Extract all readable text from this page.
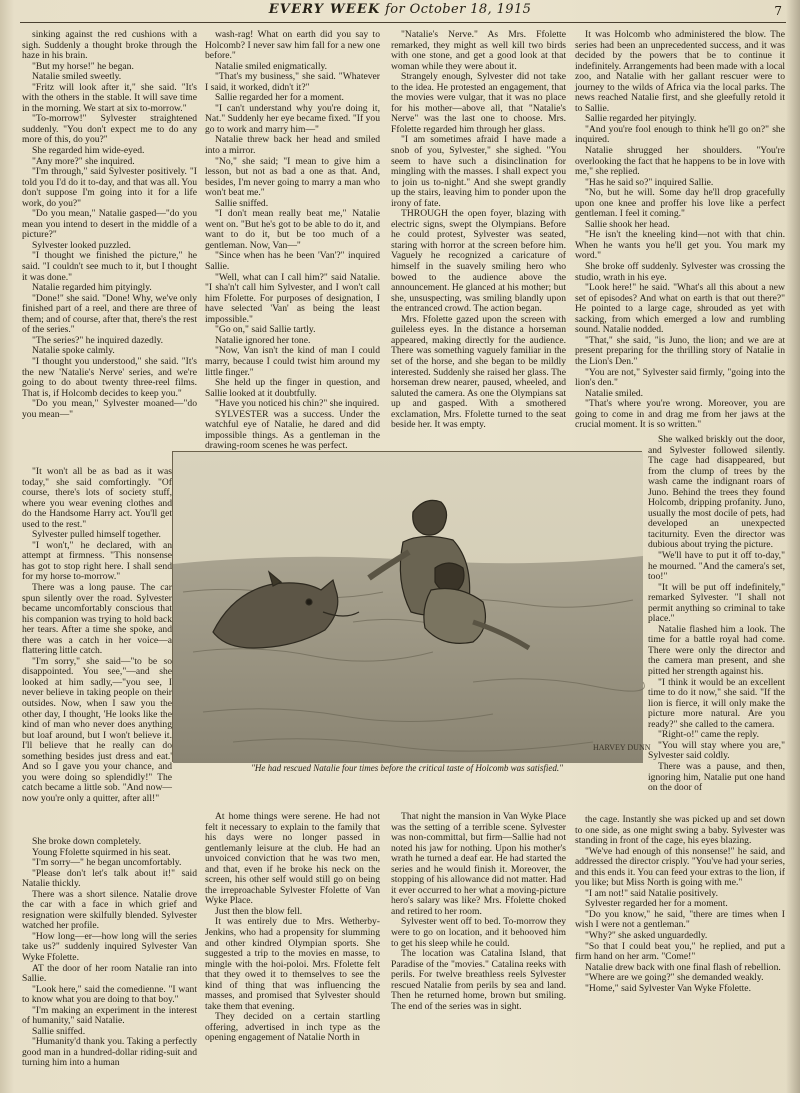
EVERY WEEK for October 18, 1915	7

sinking against the red cushions with a sigh. Suddenly a thought broke through the haze in his brain.

"But my horse!" he began.

Natalie smiled sweetly.

"Fritz will look after it," she said. "It's with the others in the stable. It will save time in the morning. We start at six to-morrow."

"To-morrow!" Sylvester straightened suddenly. "You don't expect me to do any more of this, do you?"

She regarded him wide-eyed.

"Any more?" she inquired.

"I'm through," said Sylvester positively. "I told you I'd do it to-day, and that was all. You don't suppose I'm going into it for a life work, do you?"

"Do you mean," Natalie gasped—"do you mean you intend to desert in the middle of a picture?"

Sylvester looked puzzled.

"I thought we finished the picture," he said. "I couldn't see much to it, but I thought it was done."

Natalie regarded him pityingly.

"Done!" she said. "Done! Why, we've only finished part of a reel, and there are three of them; and of course, after that, there's the rest of the series."

"The series?" he inquired dazedly.

Natalie spoke calmly.

"I thought you understood," she said. "It's the new 'Natalie's Nerve' series, and we're going to do about twenty three-reel films. That is, if Holcomb decides to keep you."

"Do you mean," Sylvester moaned—"do you mean—"

"It won't all be as bad as it was today," she said comfortingly. "Of course, there's lots of society stuff, where you wear evening clothes and do the Handsome Harry act. You'll get used to the rest."

Sylvester pulled himself together.

"I won't," he declared, with an attempt at firmness. "This nonsense has got to stop right here. I shall send for my horse to-morrow."

There was a long pause. The car spun silently over the road. Sylvester became uncomfortably conscious that his companion was trying to hold back her tears. After a time she spoke, and there was a catch in her voice—a flattering little catch.

"I'm sorry," she said—"to be so disappointed. You see,"—and she looked at him sadly,—"you see, I never believe in taking people on their outsides. Now, when I saw you the other day, I thought, 'He looks like the kind of man who never does anything but loaf around, but I won't believe it. I'll believe that he really can do something besides just dress and eat.' And so I gave you your chance, and you were doing so splendidly!" The catch became a little sob. "And now—now you're only a quitter, after all!"

She broke down completely.

Young Ffolette squirmed in his seat.

"I'm sorry—" he began uncomfortably.

"Please don't let's talk about it!" said Natalie thickly.

There was a short silence. Natalie drove the car with a face in which grief and resignation were skilfully blended. Sylvester watched her profile.

"How long—er—how long will the series take us?" suddenly inquired Sylvester Van Wyke Ffolette.

AT the door of her room Natalie ran into Sallie.

"Look here," said the comedienne. "I want to know what you are doing to that boy."

"I'm making an experiment in the interest of humanity," said Natalie.

Sallie sniffed.

"Humanity'd thank you. Taking a perfectly good man in a hundred-dollar riding-suit and turning him into a human

wash-rag! What on earth did you say to Holcomb? I never saw him fall for a new one before."

Natalie smiled enigmatically.

"That's my business," she said. "Whatever I said, it worked, didn't it?"

Sallie regarded her for a moment.

"I can't understand why you're doing it, Nat." Suddenly her eye became fixed. "If you go to work and marry him—"

Natalie threw back her head and smiled into a mirror.

"No," she said; "I mean to give him a lesson, but not as bad a one as that. And, besides, I'm never going to marry a man who won't beat me."

Sallie sniffed.

"I don't mean really beat me," Natalie went on. "But he's got to be able to do it, and want to do it, but be too much of a gentleman. Now, Van—"

"Since when has he been 'Van'?" inquired Sallie.

"Well, what can I call him?" said Natalie. "I sha'n't call him Sylvester, and I won't call him Ffolette. For purposes of designation, I have selected 'Van' as being the least impossible."

"Go on," said Sallie tartly.

Natalie ignored her tone.

"Now, Van isn't the kind of man I could marry, because I could twist him around my little finger."

She held up the finger in question, and Sallie looked at it doubtfully.

"Have you noticed his chin?" she inquired.

SYLVESTER was a success. Under the watchful eye of Natalie, he dared and did impossible things. As a gentleman in the drawing-room scenes he was perfect.

"Natalie's Nerve." As Mrs. Ffolette remarked, they might as well kill two birds with one stone, and get a good look at that woman while they were about it.

Strangely enough, Sylvester did not take to the idea. He protested an engagement, that the movies were vulgar, that it was no place for his mother—above all, that "Natalie's Nerve" was the last one to choose. Mrs. Ffolette regarded him through her glass.

"I am sometimes afraid I have made a snob of you, Sylvester," she sighed. "You seem to have such a disinclination for mingling with the masses. I shall expect you to join us to-night." And she swept grandly up the stairs, leaving him to ponder upon the irony of fate.

THROUGH the open foyer, blazing with electric signs, swept the Olympians. Before he could protest, Sylvester was seated, staring with horror at the screen before him. Vaguely he recognized a caricature of himself in the suavely smiling hero who bowed to the audience above the announcement. He glanced at his mother; but she, unsuspecting, was smiling blandly upon the entranced crowd. The action began.

Mrs. Ffolette gazed upon the screen with guileless eyes. In the distance a horseman appeared, making directly for the audience. There was something vaguely familiar in the set of the horse, and she began to be mildly interested. Suddenly she raised her glass. The horseman drew nearer, paused, wheeled, and saluted the camera. As one the Olympians sat up and gasped. With a smothered exclamation, Mrs. Ffolette turned to the seat beside her. It was empty.

It was Holcomb who administered the blow. The series had been an unprecedented success, and it was decided by the powers that be to continue it indefinitely. Arrangements had been made with a local zoo, and Natalie with her gallant rescuer were to journey to the wilds of Africa via the local parks. The news reached Natalie first, and she gleefully retold it to Sallie.

Sallie regarded her pityingly.

"And you're fool enough to think he'll go on?" she inquired.

Natalie shrugged her shoulders. "You're overlooking the fact that he happens to be in love with me," she replied.

"Has he said so?" inquired Sallie.

"No, but he will. Some day he'll drop gracefully upon one knee and proffer his love like a perfect gentleman. I feel it coming."

Sallie shook her head.

"He isn't the kneeling kind—not with that chin. When he wants you he'll get you. You mark my word."

She broke off suddenly. Sylvester was crossing the studio, wrath in his eye.

"Look here!" he said. "What's all this about a new set of episodes? And what on earth is that out there?" He pointed to a large cage, shrouded as yet with sacking, from which emerged a low and rumbling sound. Natalie nodded.

"That," she said, "is Juno, the lion; and we are at present preparing for the thrilling story of Natalie in the Lion's Den."

"You are not," Sylvester said firmly, "going into the lion's den."

Natalie smiled.

"That's where you're wrong. Moreover, you are going to come in and drag me from her jaws at the crucial moment. It is so written."

She walked briskly out the door, and Sylvester followed silently. The cage had disappeared, but from the clump of trees by the wash came the indignant roars of Juno. Behind the trees they found Holcomb, dripping profanity. Juno, usually the most docile of pets, had developed an unexpected taciturnity. Even the director was dubious about trying the picture.

"We'll have to put it off to-day," he mourned. "And the camera's set, too!"

"It will be put off indefinitely," remarked Sylvester. "I shall not permit anything so criminal to take place."

Natalie flashed him a look. The time for a battle royal had come. There were only the director and the camera man present, and she pitted her strength against his.

"I think it would be an excellent time to do it now," she said. "If the lion is fierce, it will only make the picture more natural. Are you ready?" she called to the camera.

"Right-o!" came the reply.

"You will stay where you are," Sylvester said coldly.

There was a pause, and then, ignoring him, Natalie put one hand on the door of

the cage. Instantly she was picked up and set down to one side, as one might swing a baby. Sylvester was standing in front of the cage, his eyes blazing.

"We've had enough of this nonsense!" he said, and addressed the director crisply. "You've had your series, and this ends it. You can feed your extras to the lion, if you like; but Miss North is going with me."

"I am not!" said Natalie positively.

Sylvester regarded her for a moment.

"Do you know," he said, "there are times when I wish I were not a gentleman."

"Why?" she asked unguardedly.

"So that I could beat you," he replied, and put a firm hand on her arm. "Come!"

Natalie drew back with one final flash of rebellion.

"Where are we going?" she demanded weakly.

"Home," said Sylvester Van Wyke Ffolette.

At home things were serene. He had not felt it necessary to explain to the family that his days were no longer passed in gentlemanly leisure at the club. He had an unvoiced conviction that he was two men, and that, even if he broke his neck on the screen, his other self would still go on being the irreproachable Sylvester Ffolette of Van Wyke Place.

Just then the blow fell.

It was entirely due to Mrs. Wetherby-Jenkins, who had a propensity for slumming and other kindred Olympian sports. She suggested a trip to the movies en masse, to mingle with the hoi-poloi. Mrs. Ffolette felt that they owed it to themselves to see the kind of thing that was influencing the masses, and promised that Sylvester should take them that evening.

They decided on a certain startling offering, advertised in inch type as the opening engagement of Natalie North in

That night the mansion in Van Wyke Place was the setting of a terrible scene. Sylvester was non-committal, but firm—Sallie had not noted his jaw for nothing. Upon his mother's wrath he turned a deaf ear. He had started the series and he would finish it. Moreover, the stopping of his allowance did not matter. Had it ever occurred to her what a moving-picture hero's salary was like? Mrs. Ffolette choked and retired to her room.

Sylvester went off to bed. To-morrow they were to go on location, and it behooved him to get his sleep while he could.

The location was Catalina Island, that Paradise of the "movies." Catalina reeks with perils. For twelve breathless reels Sylvester rescued Natalie from perils by sea and land. Then he returned home, brown but smiling. The end of the series was in sight.

HARVEY DUNN
"He had rescued Natalie four times before the critical taste of Holcomb was satisfied."
